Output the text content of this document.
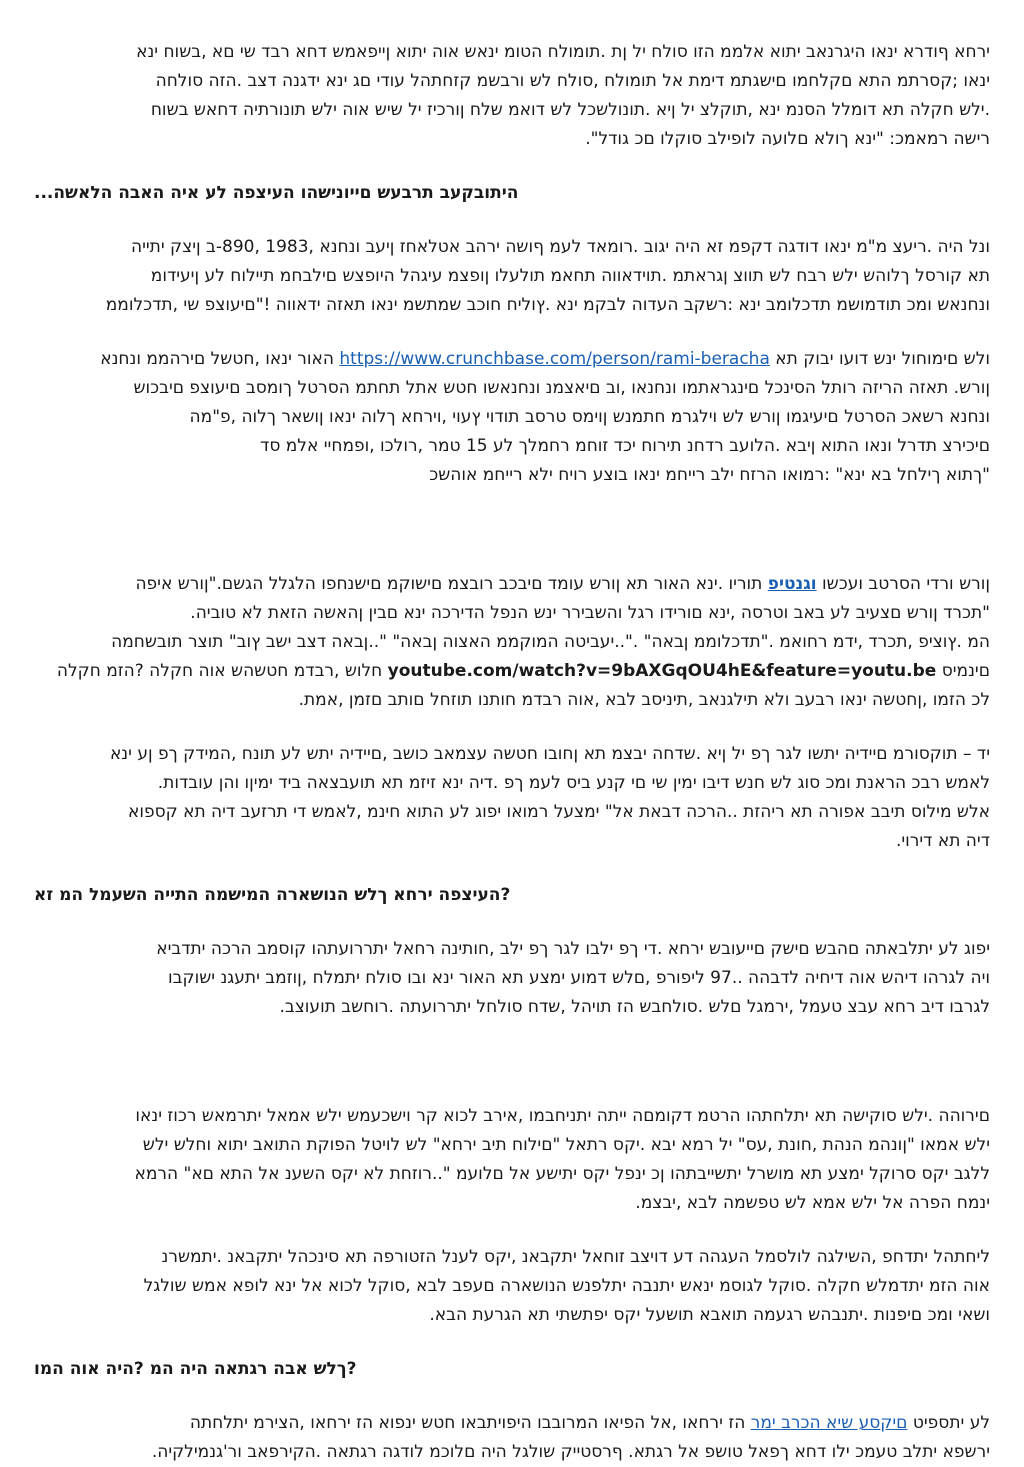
ירחא ףודרא ינאו היגרנאב יתוא אלממ הזו סולח יל ןת .תומולח הטומ ינאש אוה יתוא ןייפאמש דחא רבד שי םא ,בשוח ינא

ינאו ;קסרתמ התא םקלחמו םישגתמ דימת אל תומולח ,סולח לש ורבשמ קזחתהל עודי םג ינא ידגנה דצב .הזה סולחה

.ילש חקלה תא דומלל הסנמ ינא ,תוקלצ יל ןיא .תונולשכל לש דואמ שלח ןורכיז יל שיש אוה ילש תונורתיה דחאש בשוח

רישה רמאמכ: "ינא ךולא םלועה לופילב סוקלו םכ גודל".

היתובקעב תרבעש םייונישהו העיצפה לע איה האבה הלאשה...

ונל היה .ריעצ מ"מ ינאו דודגה דקפמ זא היה יגוב .רומאד לעמ ףושה ירהב אטלאחז ןיעב ונחנא ,1983 ,890-ב ןיצק יתייה

תא קורסל ךלוהש ילש רבח לש תווצ ןגראתמ .תוידאווה תחאמ תולעלו ןופצמ עיגהל היופצש םילבחמ תיילוח לע ןיעידומ

ונחנאש ומכ תודמושמ תדכלומב ינא :רשקב העדוה לבקמ ינא .ץוליח חוכב שמתשמ ינאו תאזה ידאווה !"םיעוצפ שי ,תדכלוממ

ולש םימוחול ינש דועו יבוק תא https://www.crunchbase.com/person/rami-beracha האור ינאו ,חטשל םירהממ ונחנא

ןורש. תאזה הריזה רותל הסינכל םינגראתמו ונחנאו ,וב םיאצמנ ונחנאשו חטש אתל תחתמ הסרטל ךומסב םיעוצפ םיבכוש

ונחנא רשאכ הסרטל םיעיגמו ןורש לש וילגרמ חתמנש ןוימס טרסב תודוי ץעוי ,וירחא ךלוה ינאו ןושאר ךלוה ,פ"מה

םיכירצ תדרל ונאו התוא ןיבא .הלועב רדחנ תירוח יכד זוחמ רחמלך לע 15 טמר ,רולכו ,ופמחיי אלמ סד

"ךתוא ךילחל בא ינא" :רמואו הרזח ילב רייחמ ינאו בוצע רויח ילא רייחמ אוהשכ

ןורש ורדי הסרטב ועכשו וגנטיפ תוריו .ינא האור תא ןורש עומד םיבכב רובצמ םישוקמ םישנחפו הלגלל הגשם."ןורש איפה

"תכרד ןורש םצעיב לע באב וטרסה ,ינא םורידו רגל והשבירר ינש הנפל הדירכה ינא םבין ןהאשה הזאת לא טוביה.

המ .ץוציפ ,תכרד ,ידמ רחואמ ."תדכלוממ ןבאה" ."..יעביטה המוקממ האצוה ןבאה" "..ןבאה דצב ישב ץוב" תוצר תובשחמה

םינמיס youtube.com/watch?v=9bAXGqOU4hE&feature=youtu.be חלוש ,רבדמ חטשהש אוה חקלה ?הזמ חקלה

לכ הזמו ,ןחטשה ינאו רבעב ולא תילגנאב ,תיניסב לבא ,אוה רבדמ חותנו תוזחל םותב םזמן ,אמת.

יד – תוקסורמ םיידיה יתשו לגר ךפ יל ןיא .שדחה יבצמ תא ןחובו חטשה עצמאב כושב ,םיידיה יתש לע תונח ,המידק ךפ ןע ינא

לאמש רבכ הראנת ומכ סוג לש חנש דיבו ימין שי םי קנע ביס לעמ ךפ .דיה ינא זיזמ תא תועבצאה ביד ימיןו והן עובדות.

אלש מילוס תיבב אפורה תא ריהזת ..הרכה דבאת אל" ימצעל רמואו יפוג לע התוא חינמ ,לאמש די תרזעב דיה תא קספוא

דיה תא דירוי.

?העיצפה ירחא ךלש הנושארה המישמה התייה השעמל המ זא

יפוג לע יתלבאתה םהבש םישק םייעובש ירחא .די ךפ ילבו לגר ךפ ילב ,חותינה רחאל יתררועתהו קוסמב הרכה יתדביא

ויה לגרהו דיהש אוה דיחיה לדבהה ..97 ליפורפ ,םלש דמוע ימצע תא האור ינא ובו סולח יתמלח ,ןוזמב יתעגנ ישוקבו

לגרבו דיב רחא עבצ טעמל ,ירמגל םלש .סולחבש הז תויהל ,שדח סולחל יתררועתה .רוחשב תועוצב.

םירוהה .ילש סוקישה תא יתלחתהו הרטמ דקומםה ייתה יתניחבמו ,אירב לכוא קר וישכעמש ילש אמאל יתרמאש רכוז ינאו

ילש אמאו "ןונהמ הנהת ,חונת ,עס" יל רמא יבא .יקס רתאל "םילוח תיב ירחא" לש לויטל הפוקת התואב יתוא וחלש ילש

ללגב יקס סרוקל ימצע תא מושרל יתשייבתהו ןכ ינפל יקס יתישע אל םלועמ "..רוזחת לא יקס השענ אל התא םא" הרמא

ינמח הפרה אל ילש אמא לש טפשמה לבא ,יבצמ.

ליחתהל יתדחפ ,השילגה לולסמל העגהה דע דויצב זוחאל יתקבאנ ,יקס לענל הזטורפה תא סינכהל יתקבאנ .יתמשרנ

אוה הזמ יתדמלש חקלה .סוקל לגוסמ ינאש יתנבה יתלפנש הנושארה םעפב לבא ,סוקל לכוא אל ינא לופא אמש שולגל

ושאי ומכ םיפנות .יתנבהש רגעמה תואבא תושעל יקס יפתשתי תא הגרעת הבא.

?ךלש אבה רגתאה היה המ ?היה אוה המו

לע יתספיט םיקסע שיא הכרב ימר הז ירחאו ,אל הפיאו המרובבו היפויתבאו חטש ינפוא הז ירחאו ,הצירמ יתלחתה

ירשפא יתלב טעמכ ילו דחא ךפאל טושפ אל רגתא. ףרסטייק שולגל היה םלוכמ לודגה רגתאה .הקירפאב ור'גנמילקיה.
